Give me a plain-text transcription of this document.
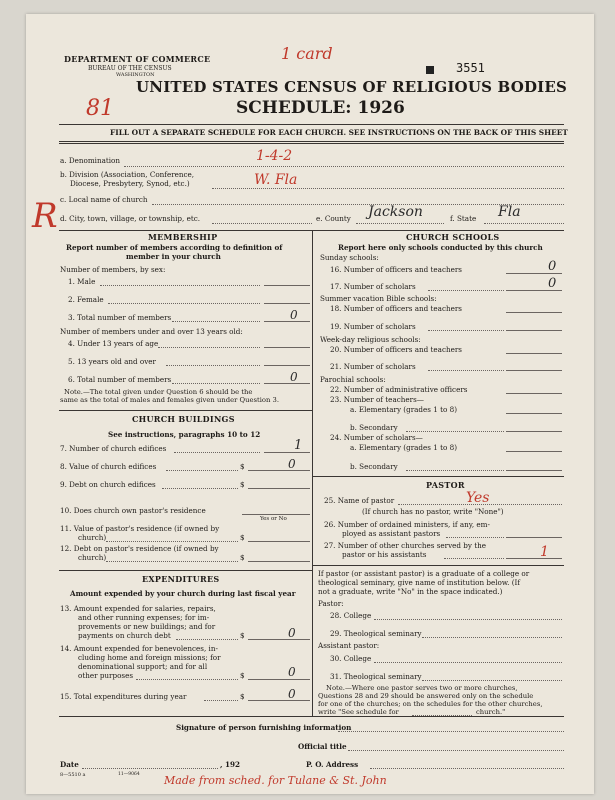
DEPARTMENT OF COMMERCE
BUREAU OF THE CENSUS
WASHINGTON
1 card
3551
81
UNITED STATES CENSUS OF RELIGIOUS BODIES
SCHEDULE: 1926
FILL OUT A SEPARATE SCHEDULE FOR EACH CHURCH. SEE INSTRUCTIONS ON THE BACK OF THIS SHEET
a. Denomination	1-4-2
b. Division (Association, Conference,
Diocese, Presbytery, Synod, etc.)	W. Fla
R c. Local name of church
d. City, town, village, or township, etc.	e. County Jackson	f. State Fla
MEMBERSHIP
Report number of members according to definition of
member in your church
Number of members, by sex:
1. Male
2. Female
3. Total number of members	0
Number of members under and over 13 years old:
4. Under 13 years of age
5. 13 years old and over
6. Total number of members	0
Note.—The total given under Question 6 should be the
same as the total of males and females given under Question 3.
CHURCH BUILDINGS
See instructions, paragraphs 10 to 12
7. Number of church edifices	1
8. Value of church edifices	$	0
9. Debt on church edifices	$
10. Does church own pastor's residence
Yes or No
11. Value of pastor's residence (if owned by
church)	$
12. Debt on pastor's residence (if owned by
church)	$
EXPENDITURES
Amount expended by your church during last fiscal year
13. Amount expended for salaries, repairs,
and other running expenses; for im-
provements or new buildings; and for
payments on church debt	$	0
14. Amount expended for benevolences, in-
cluding home and foreign missions; for
denominational support; and for all
other purposes	$	0
15. Total expenditures during year	$	0
CHURCH SCHOOLS
Report here only schools conducted by this church
Sunday schools:
16. Number of officers and teachers	0
17. Number of scholars	0
Summer vacation Bible schools:
18. Number of officers and teachers
19. Number of scholars
Week-day religious schools:
20. Number of officers and teachers
21. Number of scholars
Parochial schools:
22. Number of administrative officers
23. Number of teachers—
a. Elementary (grades 1 to 8)
b. Secondary
24. Number of scholars—
a. Elementary (grades 1 to 8)
b. Secondary
PASTOR
25. Name of pastor	Yes
(If church has no pastor, write "None")
26. Number of ordained ministers, if any, em-
ployed as assistant pastors
27. Number of other churches served by the
pastor or his assistants	1
If pastor (or assistant pastor) is a graduate of a college or
theological seminary, give name of institution below. (If
not a graduate, write "No" in the space indicated.)
Pastor:
28. College
29. Theological seminary
Assistant pastor:
30. College
31. Theological seminary
Note.—Where one pastor serves two or more churches,
Questions 28 and 29 should be answered only on the schedule
for one of the churches; on the schedules for the other churches,
write "See schedule for	church."
Signature of person furnishing information
Official title
Date	, 192	P. O. Address
8—5510 a	11—9064 Made from sched. for Tulane & St. John
